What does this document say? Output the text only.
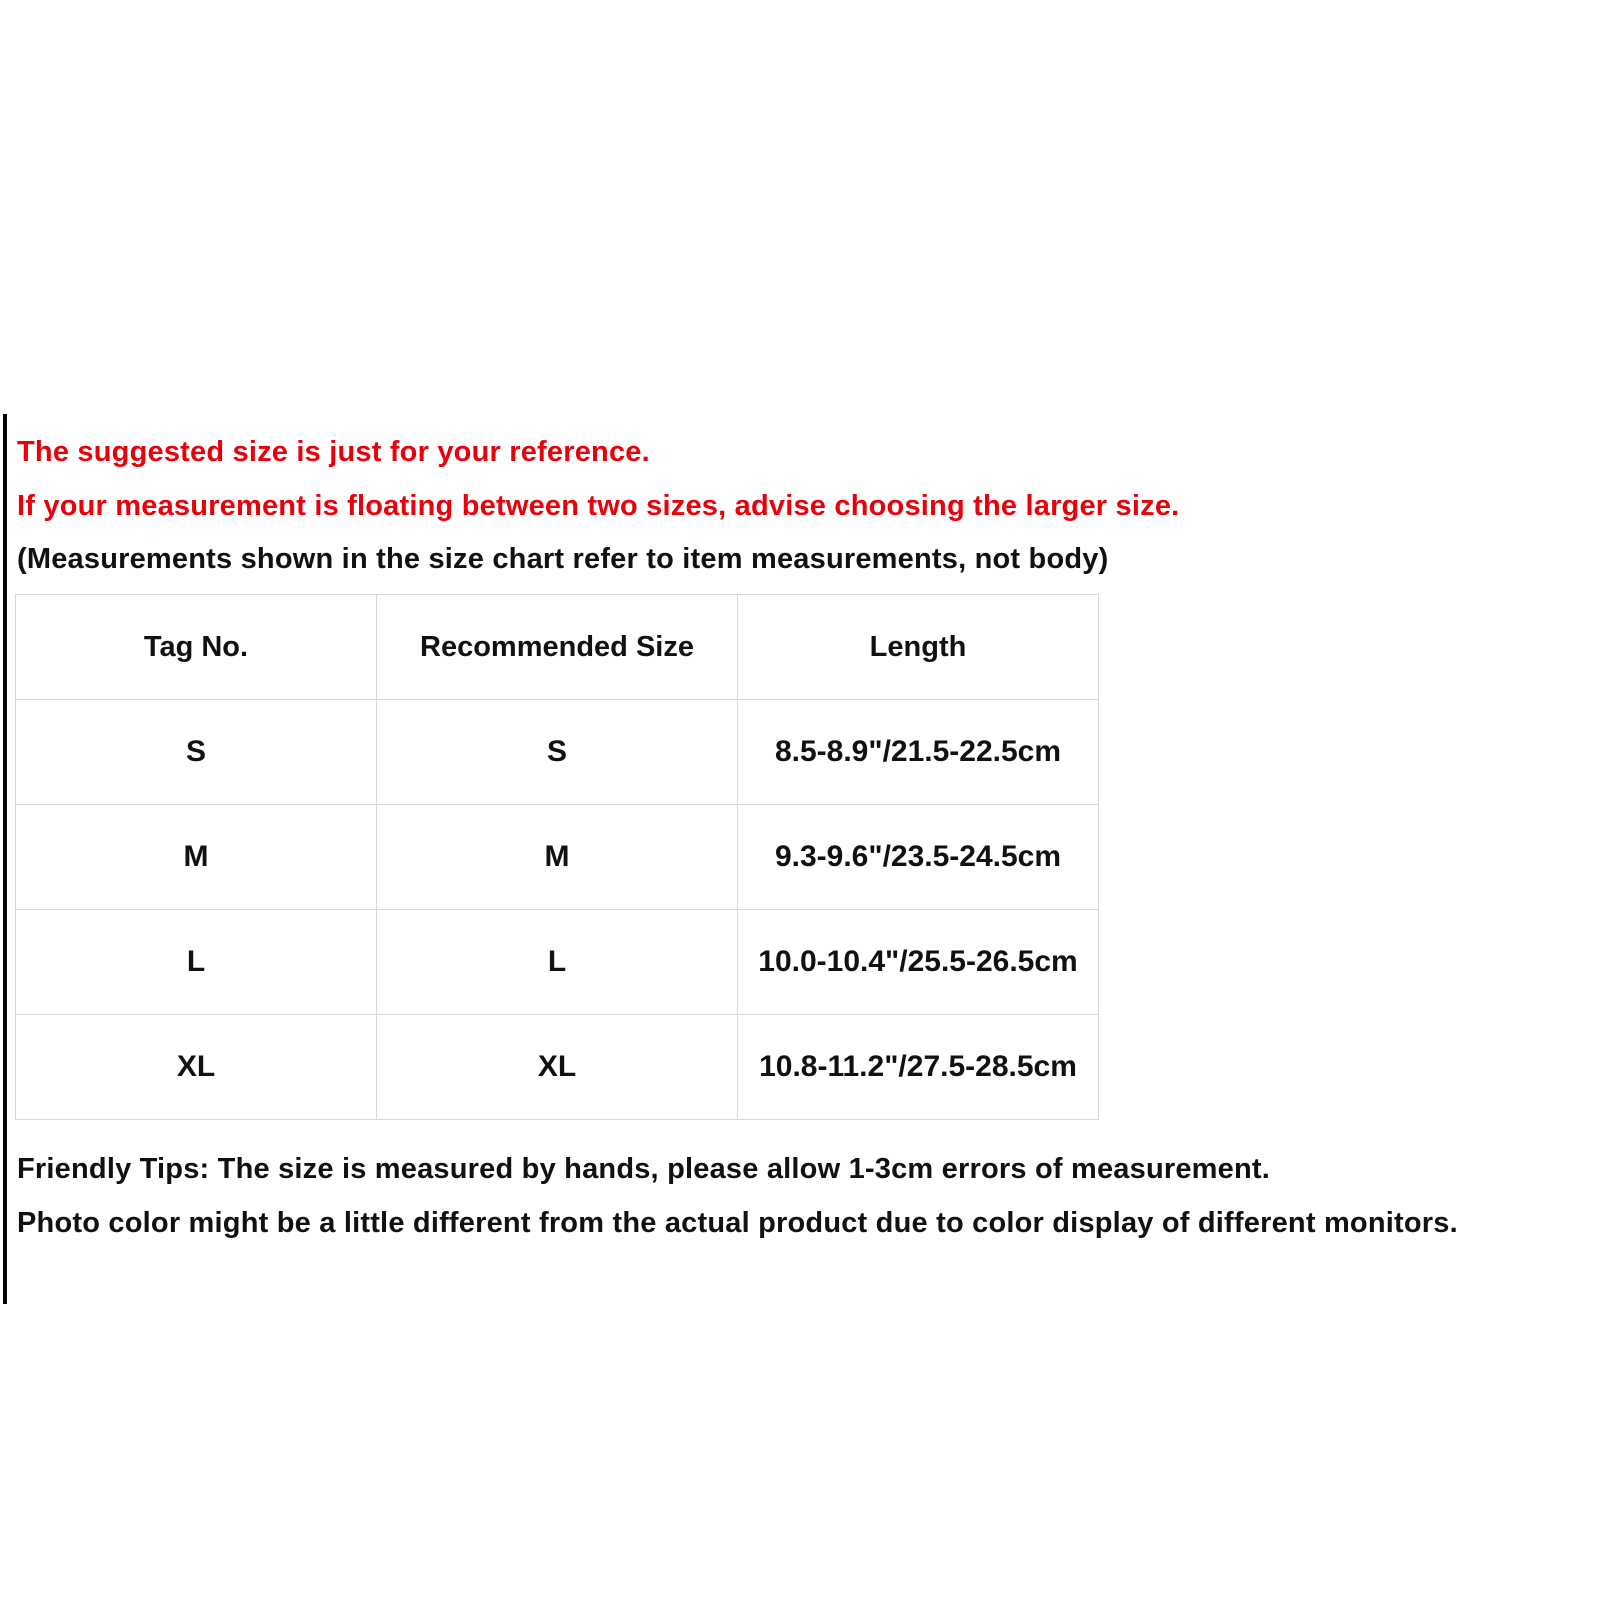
The suggested size is just for your reference.
If your measurement is floating between two sizes, advise choosing the larger size.
(Measurements shown in the size chart refer to item measurements, not body)
Tag No.	Recommended Size	Length
S	S	8.5-8.9"/21.5-22.5cm
M	M	9.3-9.6"/23.5-24.5cm
L	L	10.0-10.4"/25.5-26.5cm
XL	XL	10.8-11.2"/27.5-28.5cm
Friendly Tips: The size is measured by hands, please allow 1-3cm errors of measurement.
Photo color might be a little different from the actual product due to color display of different monitors.
